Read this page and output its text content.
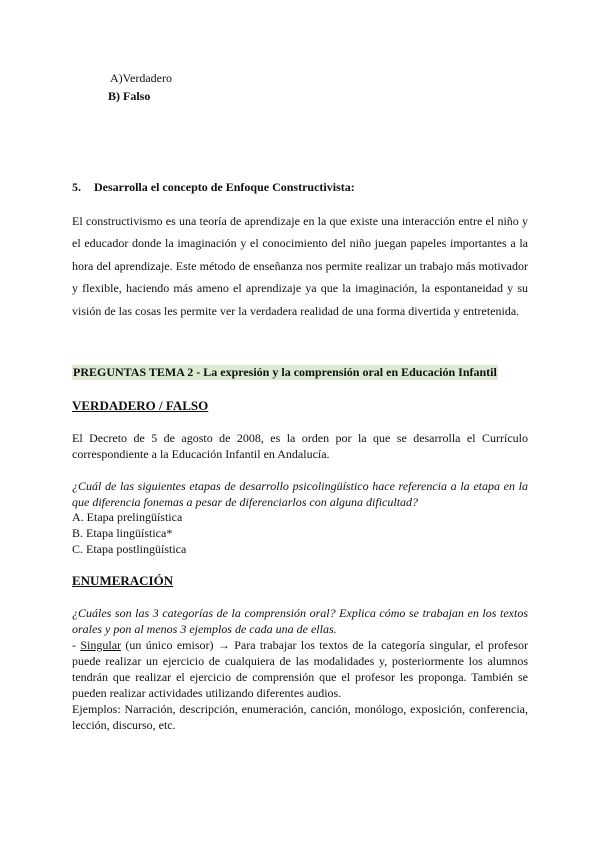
A)Verdadero
B) Falso
5. Desarrolla el concepto de Enfoque Constructivista:
El constructivismo es una teoría de aprendizaje en la que existe una interacción entre el niño y el educador donde la imaginación y el conocimiento del niño juegan papeles importantes a la hora del aprendizaje. Este método de enseñanza nos permite realizar un trabajo más motivador y flexible, haciendo más ameno el aprendizaje ya que la imaginación, la espontaneidad y su visión de las cosas les permite ver la verdadera realidad de una forma divertida y entretenida.
PREGUNTAS TEMA 2 - La expresión y la comprensión oral en Educación Infantil
VERDADERO / FALSO
El Decreto de 5 de agosto de 2008, es la orden por la que se desarrolla el Currículo correspondiente a la Educación Infantil en Andalucía.
¿Cuál de las siguientes etapas de desarrollo psicolingüístico hace referencia a la etapa en la que diferencia fonemas a pesar de diferenciarlos con alguna dificultad?
A. Etapa prelingüística
B. Etapa lingüística*
C. Etapa postlingüística
ENUMERACIÓN
¿Cuáles son las 3 categorías de la comprensión oral? Explica cómo se trabajan en los textos orales y pon al menos 3 ejemplos de cada una de ellas.
- Singular (un único emisor) → Para trabajar los textos de la categoría singular, el profesor puede realizar un ejercicio de cualquiera de las modalidades y, posteriormente los alumnos tendrán que realizar el ejercicio de comprensión que el profesor les proponga. También se pueden realizar actividades utilizando diferentes audios.
Ejemplos: Narración, descripción, enumeración, canción, monólogo, exposición, conferencia, lección, discurso, etc.
